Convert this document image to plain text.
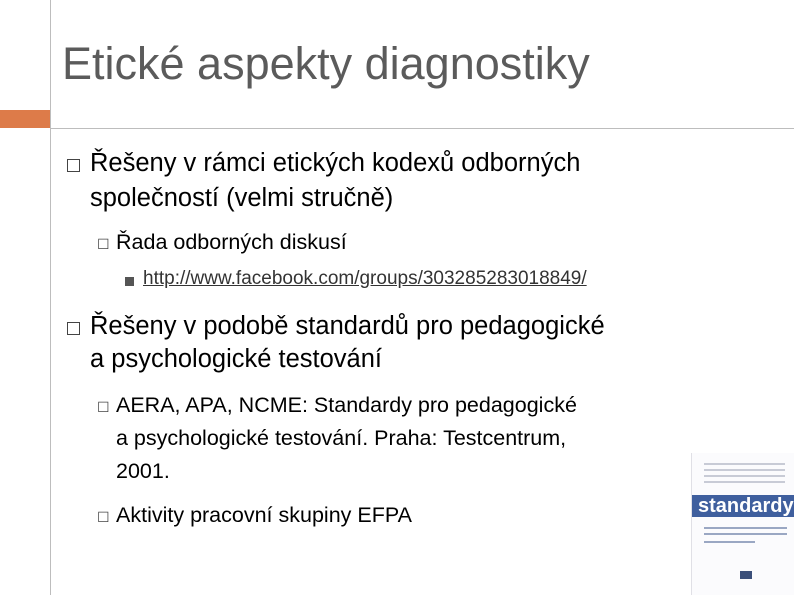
Etické aspekty diagnostiky
Řešeny v rámci etických kodexů odborných
společností (velmi stručně)
☐ Řada odborných diskusí
http://www.facebook.com/groups/303285283018849/
Řešeny v podobě standardů pro pedagogické
a psychologické testování
☐ AERA, APA, NCME: Standardy pro pedagogické
a psychologické testování. Praha: Testcentrum,
2001.
☐ Aktivity pracovní skupiny EFPA	standardy
